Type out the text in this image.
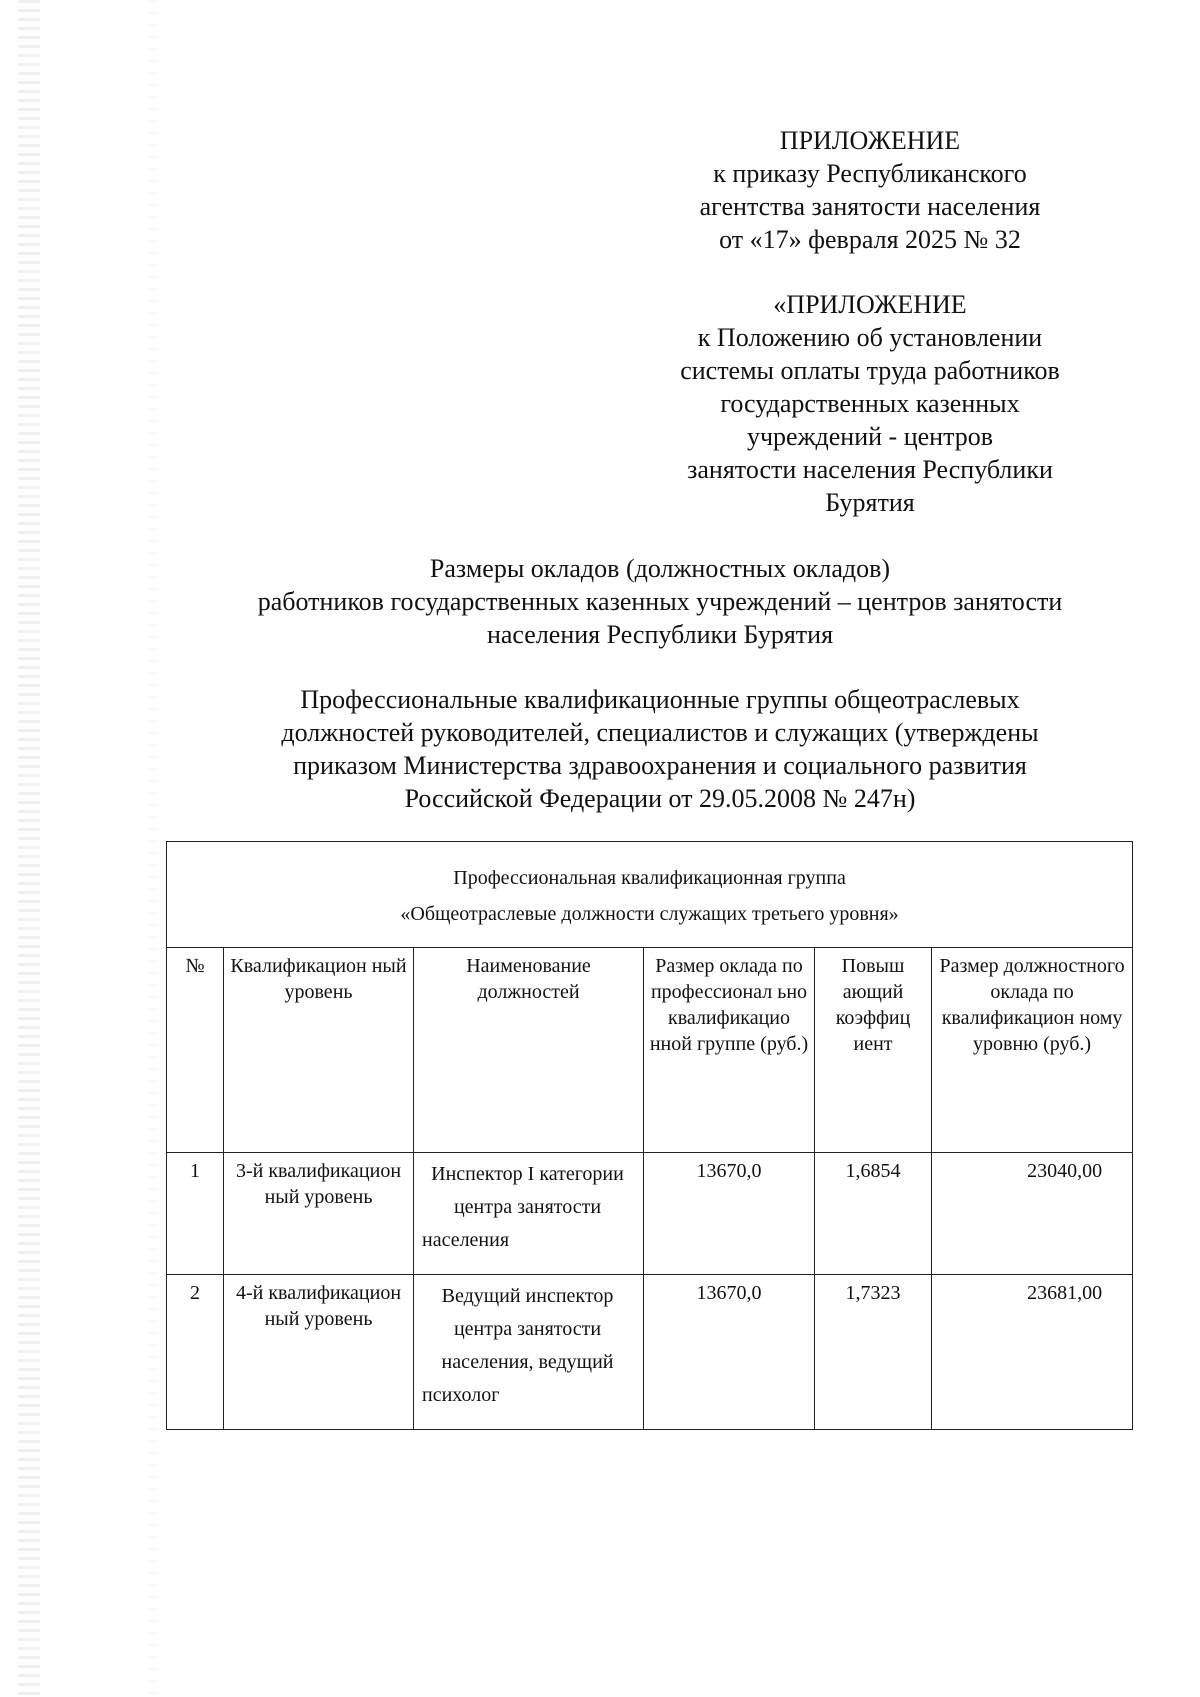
ПРИЛОЖЕНИЕ
к приказу Республиканского
агентства занятости населения
от «17» февраля 2025 № 32
«ПРИЛОЖЕНИЕ
к Положению об установлении
системы оплаты труда работников
государственных казенных
учреждений - центров
занятости населения Республики
Бурятия
Размеры окладов (должностных окладов)
работников государственных казенных учреждений – центров занятости
населения Республики Бурятия
Профессиональные квалификационные группы общеотраслевых
должностей руководителей, специалистов и служащих (утверждены
приказом Министерства здравоохранения и социального развития
Российской Федерации от 29.05.2008 № 247н)
Профессиональная квалификационная группа
«Общеотраслевые должности служащих третьего уровня»					

№	Квалификацион ный уровень	Наименование должностей	Размер оклада по профессионал ьно квалификацио нной группе (руб.)	Повыш ающий коэффиц иент	Размер должностного оклада по квалификацион ному уровню (руб.)
1	3-й квалификацион ный уровень	Инспектор I категории центра занятости населения	13670,0	1,6854	23040,00
2	4-й квалификацион ный уровень	Ведущий инспектор центра занятости населения, ведущий психолог	13670,0	1,7323	23681,00
